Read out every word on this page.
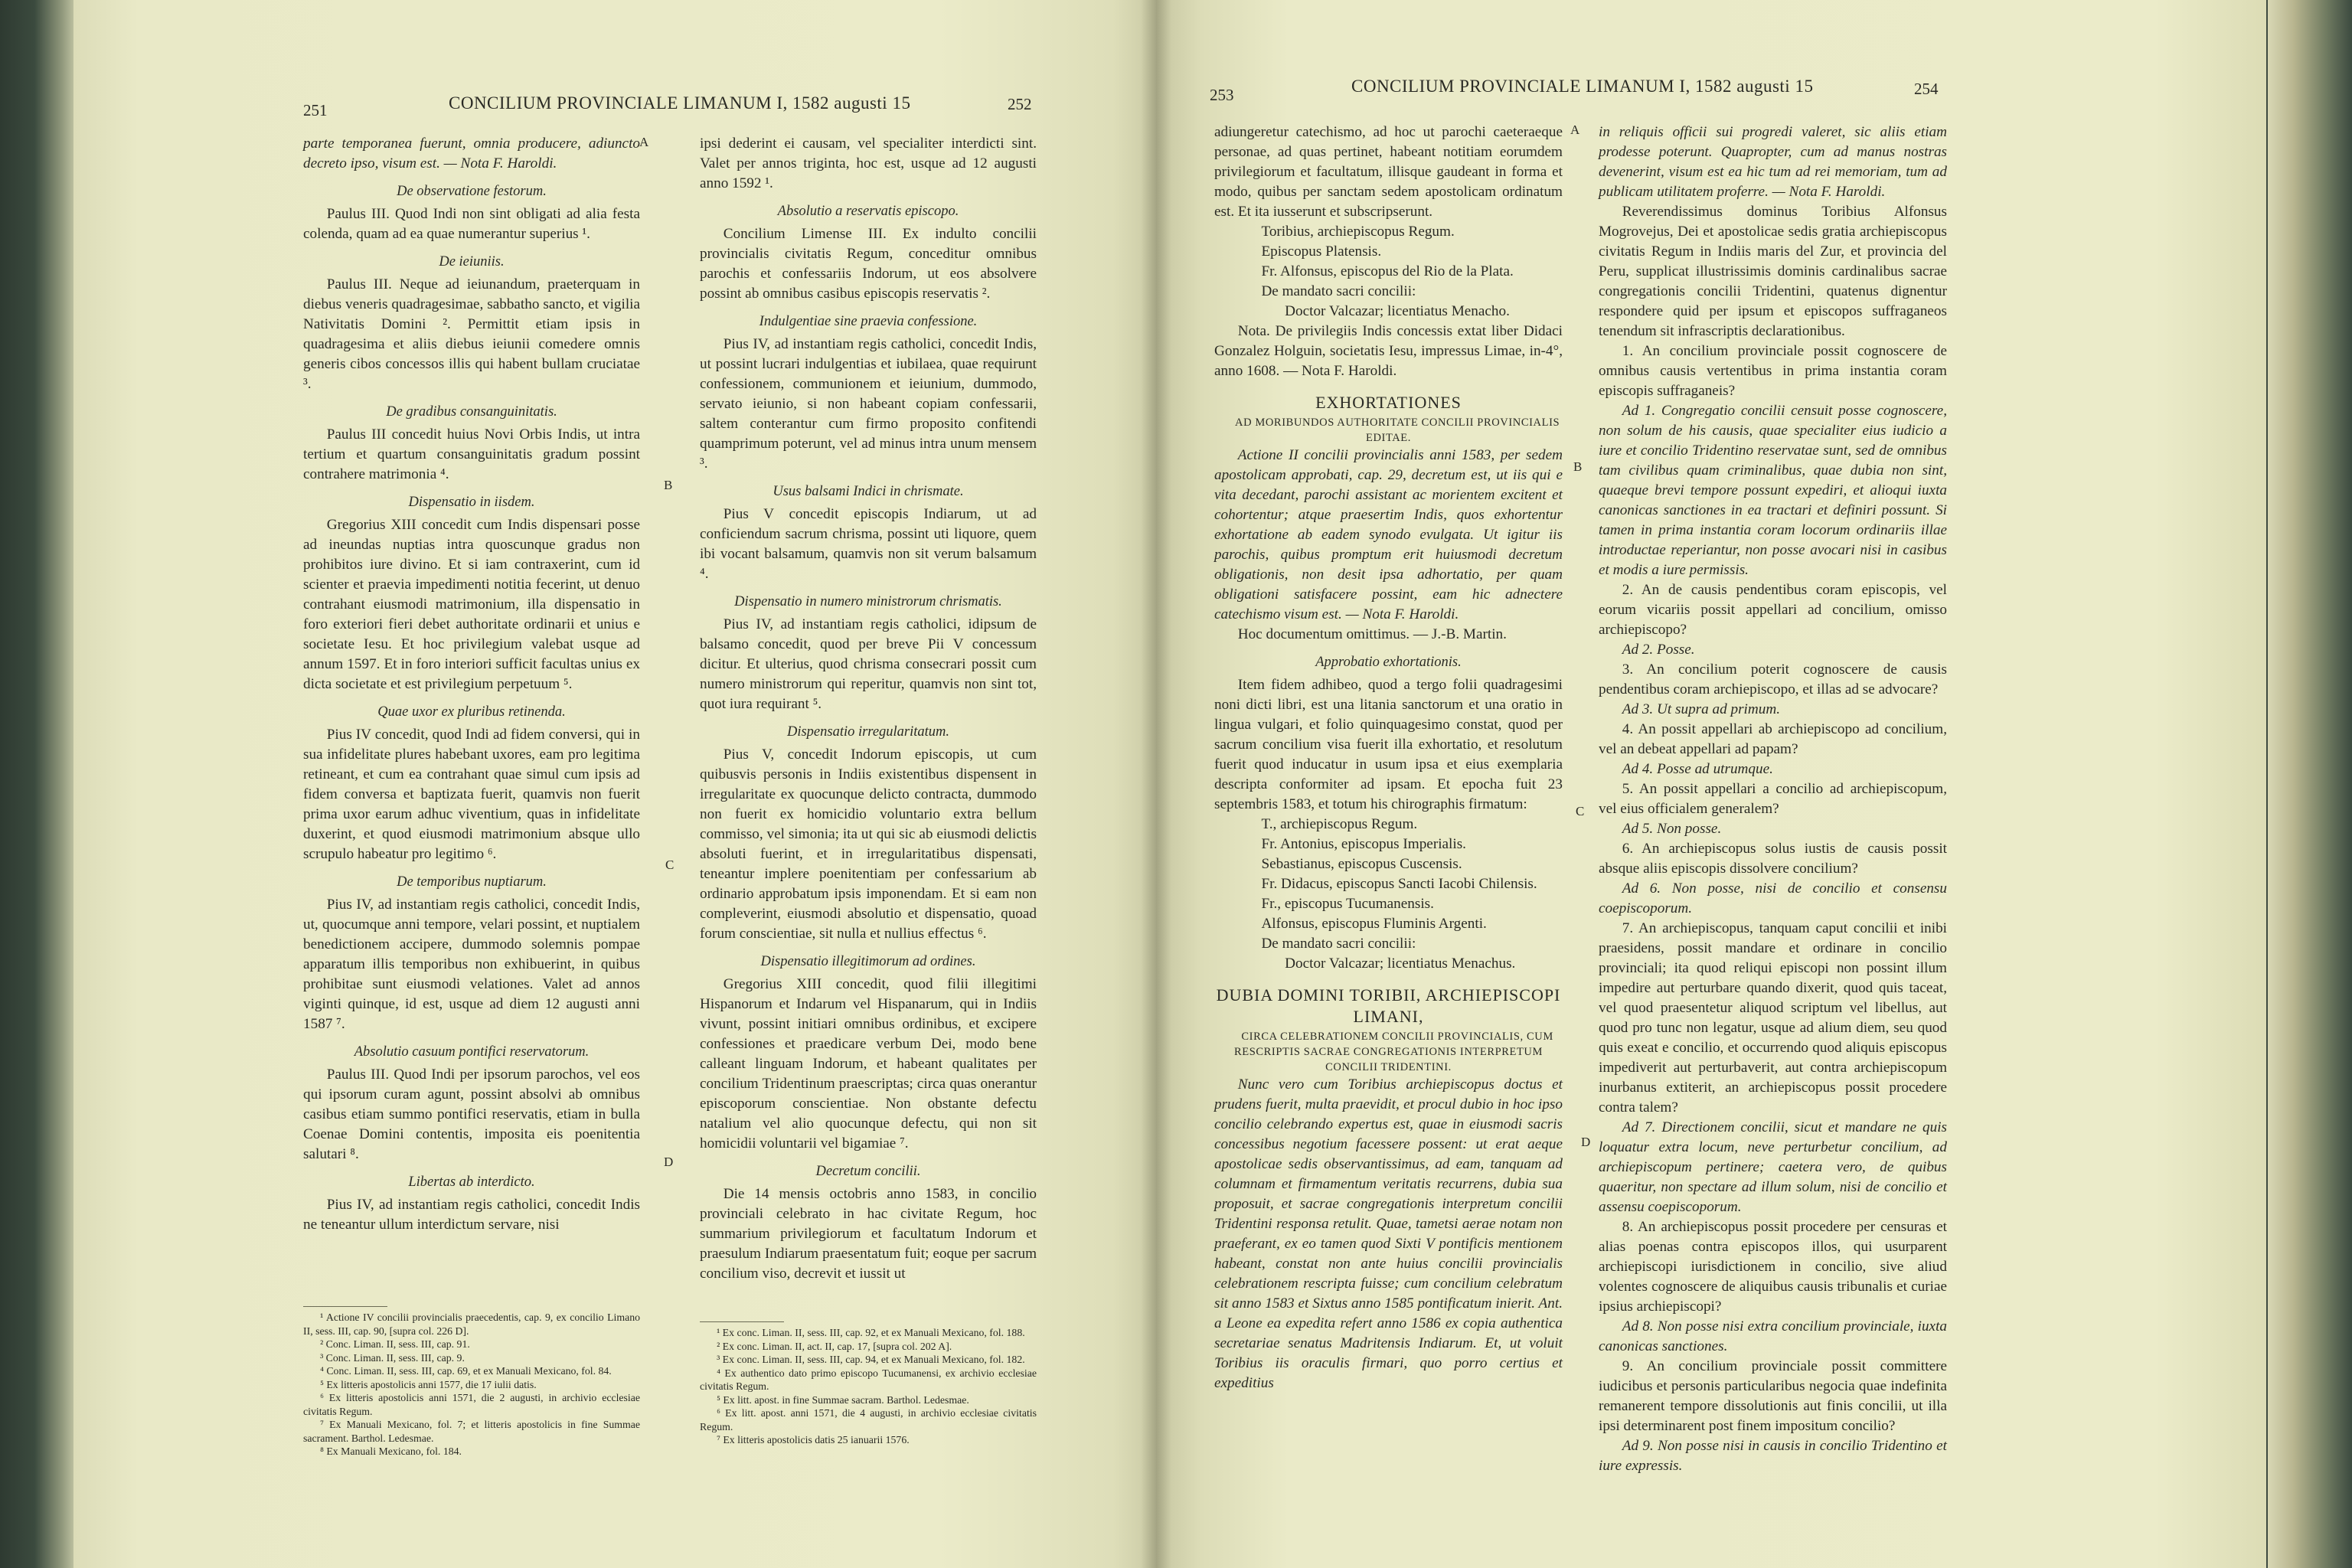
251	CONCILIUM PROVINCIALE LIMANUM I, 1582 augusti 15	252
A
B
C
D

parte temporanea fuerunt, omnia producere, adiuncto decreto ipso, visum est. — Nota F. Haroldi.

De observatione festorum.

Paulus III. Quod Indi non sint obligati ad alia festa colenda, quam ad ea quae numerantur superius ¹.

De ieiuniis.

Paulus III. Neque ad ieiunandum, praeterquam in diebus veneris quadragesimae, sabbatho sancto, et vigilia Nativitatis Domini ². Permittit etiam ipsis in quadragesima et aliis diebus ieiunii comedere omnis generis cibos concessos illis qui habent bullam cruciatae ³.

De gradibus consanguinitatis.

Paulus III concedit huius Novi Orbis Indis, ut intra tertium et quartum consanguinitatis gradum possint contrahere matrimonia ⁴.

Dispensatio in iisdem.

Gregorius XIII concedit cum Indis dispensari posse ad ineundas nuptias intra quoscunque gradus non prohibitos iure divino. Et si iam contraxerint, cum id scienter et praevia impedimenti notitia fecerint, ut denuo contrahant eiusmodi matrimonium, illa dispensatio in foro exteriori fieri debet authoritate ordinarii et unius e societate Iesu. Et hoc privilegium valebat usque ad annum 1597. Et in foro interiori sufficit facultas unius ex dicta societate et est privilegium perpetuum ⁵.

Quae uxor ex pluribus retinenda.

Pius IV concedit, quod Indi ad fidem conversi, qui in sua infidelitate plures habebant uxores, eam pro legitima retineant, et cum ea contrahant quae simul cum ipsis ad fidem conversa et baptizata fuerit, quamvis non fuerit prima uxor earum adhuc viventium, quas in infidelitate duxerint, et quod eiusmodi matrimonium absque ullo scrupulo habeatur pro legitimo ⁶.

De temporibus nuptiarum.

Pius IV, ad instantiam regis catholici, concedit Indis, ut, quocumque anni tempore, velari possint, et nuptialem benedictionem accipere, dummodo solemnis pompae apparatum illis temporibus non exhibuerint, in quibus prohibitae sunt eiusmodi velationes. Valet ad annos viginti quinque, id est, usque ad diem 12 augusti anni 1587 ⁷.

Absolutio casuum pontifici reservatorum.

Paulus III. Quod Indi per ipsorum parochos, vel eos qui ipsorum curam agunt, possint absolvi ab omnibus casibus etiam summo pontifici reservatis, etiam in bulla Coenae Domini contentis, imposita eis poenitentia salutari ⁸.

Libertas ab interdicto.

Pius IV, ad instantiam regis catholici, concedit Indis ne teneantur ullum interdictum servare, nisi

ipsi dederint ei causam, vel specialiter interdicti sint. Valet per annos triginta, hoc est, usque ad 12 augusti anno 1592 ¹.

Absolutio a reservatis episcopo.

Concilium Limense III. Ex indulto concilii provincialis civitatis Regum, conceditur omnibus parochis et confessariis Indorum, ut eos absolvere possint ab omnibus casibus episcopis reservatis ².

Indulgentiae sine praevia confessione.

Pius IV, ad instantiam regis catholici, concedit Indis, ut possint lucrari indulgentias et iubilaea, quae requirunt confessionem, communionem et ieiunium, dummodo, servato ieiunio, si non habeant copiam confessarii, saltem conterantur cum firmo proposito confitendi quamprimum poterunt, vel ad minus intra unum mensem ³.

Usus balsami Indici in chrismate.

Pius V concedit episcopis Indiarum, ut ad conficiendum sacrum chrisma, possint uti liquore, quem ibi vocant balsamum, quamvis non sit verum balsamum ⁴.

Dispensatio in numero ministrorum chrismatis.

Pius IV, ad instantiam regis catholici, idipsum de balsamo concedit, quod per breve Pii V concessum dicitur. Et ulterius, quod chrisma consecrari possit cum numero ministrorum qui reperitur, quamvis non sint tot, quot iura requirant ⁵.

Dispensatio irregularitatum.

Pius V, concedit Indorum episcopis, ut cum quibusvis personis in Indiis existentibus dispensent in irregularitate ex quocunque delicto contracta, dummodo non fuerit ex homicidio voluntario extra bellum commisso, vel simonia; ita ut qui sic ab eiusmodi delictis absoluti fuerint, et in irregularitatibus dispensati, teneantur implere poenitentiam per confessarium ab ordinario approbatum ipsis imponendam. Et si eam non compleverint, eiusmodi absolutio et dispensatio, quoad forum conscientiae, sit nulla et nullius effectus ⁶.

Dispensatio illegitimorum ad ordines.

Gregorius XIII concedit, quod filii illegitimi Hispanorum et Indarum vel Hispanarum, qui in Indiis vivunt, possint initiari omnibus ordinibus, et excipere confessiones et praedicare verbum Dei, modo bene calleant linguam Indorum, et habeant qualitates per concilium Tridentinum praescriptas; circa quas onerantur episcoporum conscientiae. Non obstante defectu natalium vel alio quocunque defectu, qui non sit homicidii voluntarii vel bigamiae ⁷.

Decretum concilii.

Die 14 mensis octobris anno 1583, in concilio provinciali celebrato in hac civitate Regum, hoc summarium privilegiorum et facultatum Indorum et praesulum Indiarum praesentatum fuit; eoque per sacrum concilium viso, decrevit et iussit ut

¹ Actione IV concilii provincialis praecedentis, cap. 9, ex concilio Limano II, sess. III, cap. 90, [supra col. 226 D].

² Conc. Liman. II, sess. III, cap. 91.

³ Conc. Liman. II, sess. III, cap. 9.

⁴ Conc. Liman. II, sess. III, cap. 69, et ex Manuali Mexicano, fol. 84.

⁵ Ex litteris apostolicis anni 1577, die 17 iulii datis.

⁶ Ex litteris apostolicis anni 1571, die 2 augusti, in archivio ecclesiae civitatis Regum.

⁷ Ex Manuali Mexicano, fol. 7; et litteris apostolicis in fine Summae sacrament. Barthol. Ledesmae.

⁸ Ex Manuali Mexicano, fol. 184.

¹ Ex conc. Liman. II, sess. III, cap. 92, et ex Manuali Mexicano, fol. 188.

² Ex conc. Liman. II, act. II, cap. 17, [supra col. 202 A].

³ Ex conc. Liman. II, sess. III, cap. 94, et ex Manuali Mexicano, fol. 182.

⁴ Ex authentico dato primo episcopo Tucumanensi, ex archivio ecclesiae civitatis Regum.

⁵ Ex litt. apost. in fine Summae sacram. Barthol. Ledesmae.

⁶ Ex litt. apost. anni 1571, die 4 augusti, in archivio ecclesiae civitatis Regum.

⁷ Ex litteris apostolicis datis 25 ianuarii 1576.

253	CONCILIUM PROVINCIALE LIMANUM I, 1582 augusti 15	254
A
B
C
D

adiungeretur catechismo, ad hoc ut parochi caeteraeque personae, ad quas pertinet, habeant notitiam eorumdem privilegiorum et facultatum, illisque gaudeant in forma et modo, quibus per sanctam sedem apostolicam ordinatum est. Et ita iusserunt et subscripserunt.

Toribius, archiepiscopus Regum.

Episcopus Platensis.

Fr. Alfonsus, episcopus del Rio de la Plata.

De mandato sacri concilii:

Doctor Valcazar; licentiatus Menacho.

Nota. De privilegiis Indis concessis extat liber Didaci Gonzalez Holguin, societatis Iesu, impressus Limae, in-4°, anno 1608. — Nota F. Haroldi.

EXHORTATIONES

AD MORIBUNDOS AUTHORITATE CONCILII PROVINCIALIS EDITAE.

Actione II concilii provincialis anni 1583, per sedem apostolicam approbati, cap. 29, decretum est, ut iis qui e vita decedant, parochi assistant ac morientem excitent et cohortentur; atque praesertim Indis, quos exhortentur exhortatione ab eadem synodo evulgata. Ut igitur iis parochis, quibus promptum erit huiusmodi decretum obligationis, non desit ipsa adhortatio, per quam obligationi satisfacere possint, eam hic adnectere catechismo visum est. — Nota F. Haroldi.

Hoc documentum omittimus. — J.-B. Martin.

Approbatio exhortationis.

Item fidem adhibeo, quod a tergo folii quadragesimi noni dicti libri, est una litania sanctorum et una oratio in lingua vulgari, et folio quinquagesimo constat, quod per sacrum concilium visa fuerit illa exhortatio, et resolutum fuerit quod inducatur in usum ipsa et eius exemplaria descripta conformiter ad ipsam. Et epocha fuit 23 septembris 1583, et totum his chirographis firmatum:

T., archiepiscopus Regum.

Fr. Antonius, episcopus Imperialis.

Sebastianus, episcopus Cuscensis.

Fr. Didacus, episcopus Sancti Iacobi Chilensis.

Fr., episcopus Tucumanensis.

Alfonsus, episcopus Fluminis Argenti.

De mandato sacri concilii:

Doctor Valcazar; licentiatus Menachus.

DUBIA DOMINI TORIBII, ARCHIEPISCOPI LIMANI,

CIRCA CELEBRATIONEM CONCILII PROVINCIALIS, CUM RESCRIPTIS SACRAE CONGREGATIONIS INTERPRETUM CONCILII TRIDENTINI.

Nunc vero cum Toribius archiepiscopus doctus et prudens fuerit, multa praevidit, et procul dubio in hoc ipso concilio celebrando expertus est, quae in eiusmodi sacris concessibus negotium facessere possent: ut erat aeque apostolicae sedis observantissimus, ad eam, tanquam ad columnam et firmamentum veritatis recurrens, dubia sua proposuit, et sacrae congregationis interpretum concilii Tridentini responsa retulit. Quae, tametsi aerae notam non praeferant, ex eo tamen quod Sixti V pontificis mentionem habeant, constat non ante huius concilii provincialis celebrationem rescripta fuisse; cum concilium celebratum sit anno 1583 et Sixtus anno 1585 pontificatum inierit. Ant. a Leone ea expedita refert anno 1586 ex copia authentica secretariae senatus Madritensis Indiarum. Et, ut voluit Toribius iis oraculis firmari, quo porro certius et expeditius

in reliquis officii sui progredi valeret, sic aliis etiam prodesse poterunt. Quapropter, cum ad manus nostras devenerint, visum est ea hic tum ad rei memoriam, tum ad publicam utilitatem proferre. — Nota F. Haroldi.

Reverendissimus dominus Toribius Alfonsus Mogrovejus, Dei et apostolicae sedis gratia archiepiscopus civitatis Regum in Indiis maris del Zur, et provincia del Peru, supplicat illustrissimis dominis cardinalibus sacrae congregationis concilii Tridentini, quatenus dignentur respondere quid per ipsum et episcopos suffraganeos tenendum sit infrascriptis declarationibus.

1. An concilium provinciale possit cognoscere de omnibus causis vertentibus in prima instantia coram episcopis suffraganeis?

Ad 1. Congregatio concilii censuit posse cognoscere, non solum de his causis, quae specialiter eius iudicio a iure et concilio Tridentino reservatae sunt, sed de omnibus tam civilibus quam criminalibus, quae dubia non sint, quaeque brevi tempore possunt expediri, et alioqui iuxta canonicas sanctiones in ea tractari et definiri possunt. Si tamen in prima instantia coram locorum ordinariis illae introductae reperiantur, non posse avocari nisi in casibus et modis a iure permissis.

2. An de causis pendentibus coram episcopis, vel eorum vicariis possit appellari ad concilium, omisso archiepiscopo?

Ad 2. Posse.

3. An concilium poterit cognoscere de causis pendentibus coram archiepiscopo, et illas ad se advocare?

Ad 3. Ut supra ad primum.

4. An possit appellari ab archiepiscopo ad concilium, vel an debeat appellari ad papam?

Ad 4. Posse ad utrumque.

5. An possit appellari a concilio ad archiepiscopum, vel eius officialem generalem?

Ad 5. Non posse.

6. An archiepiscopus solus iustis de causis possit absque aliis episcopis dissolvere concilium?

Ad 6. Non posse, nisi de concilio et consensu coepiscoporum.

7. An archiepiscopus, tanquam caput concilii et inibi praesidens, possit mandare et ordinare in concilio provinciali; ita quod reliqui episcopi non possint illum impedire aut perturbare quando dixerit, quod quis taceat, vel quod praesentetur aliquod scriptum vel libellus, aut quod pro tunc non legatur, usque ad alium diem, seu quod quis exeat e concilio, et occurrendo quod aliquis episcopus impediverit aut perturbaverit, aut contra archiepiscopum inurbanus extiterit, an archiepiscopus possit procedere contra talem?

Ad 7. Directionem concilii, sicut et mandare ne quis loquatur extra locum, neve perturbetur concilium, ad archiepiscopum pertinere; caetera vero, de quibus quaeritur, non spectare ad illum solum, nisi de concilio et assensu coepiscoporum.

8. An archiepiscopus possit procedere per censuras et alias poenas contra episcopos illos, qui usurparent archiepiscopi iurisdictionem in concilio, sive aliud volentes cognoscere de aliquibus causis tribunalis et curiae ipsius archiepiscopi?

Ad 8. Non posse nisi extra concilium provinciale, iuxta canonicas sanctiones.

9. An concilium provinciale possit committere iudicibus et personis particularibus negocia quae indefinita remanerent tempore dissolutionis aut finis concilii, ut illa ipsi determinarent post finem impositum concilio?

Ad 9. Non posse nisi in causis in concilio Tridentino et iure expressis.
